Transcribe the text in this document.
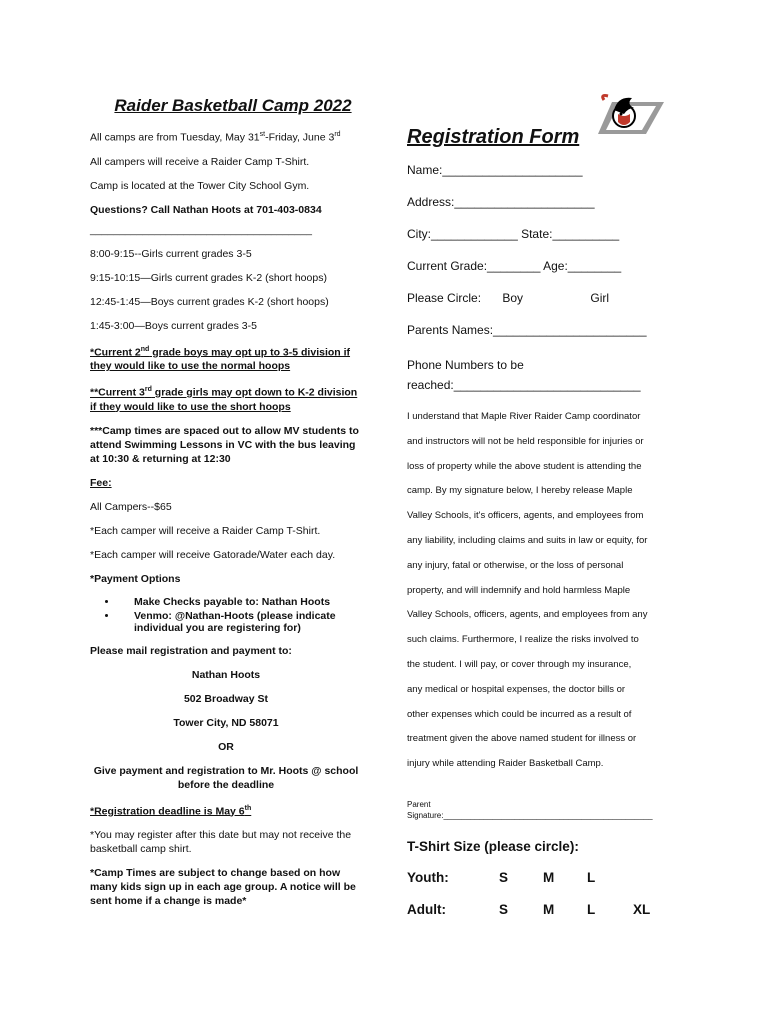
Raider Basketball Camp 2022
All camps are from Tuesday, May 31st-Friday, June 3rd
All campers will receive a Raider Camp T-Shirt.
Camp is located at the Tower City School Gym.
Questions? Call Nathan Hoots at 701-403-0834
______________________________________
8:00-9:15--Girls current grades 3-5
9:15-10:15—Girls current grades K-2 (short hoops)
12:45-1:45—Boys current grades K-2 (short hoops)
1:45-3:00—Boys current grades 3-5
*Current 2nd grade boys may opt up to 3-5 division if they would like to use the normal hoops
**Current 3rd grade girls may opt down to K-2 division if they would like to use the short hoops
***Camp times are spaced out to allow MV students to attend Swimming Lessons in VC with the bus leaving at 10:30 & returning at 12:30
Fee:
All Campers--$65
*Each camper will receive a Raider Camp T-Shirt.
*Each camper will receive Gatorade/Water each day.
*Payment Options
• Make Checks payable to: Nathan Hoots
• Venmo: @Nathan-Hoots (please indicate individual you are registering for)
Please mail registration and payment to:
Nathan Hoots
502 Broadway St
Tower City, ND 58071
OR
Give payment and registration to Mr. Hoots @ school before the deadline
*Registration deadline is May 6th
*You may register after this date but may not receive the basketball camp shirt.
*Camp Times are subject to change based on how many kids sign up in each age group. A notice will be sent home if a change is made*
Registration Form
Name:_____________________
Address:_____________________
City:_____________ State:__________
Current Grade:________ Age:________
Please Circle: Boy	Girl
Parents Names:_______________________
Phone Numbers to be reached:____________________________

I understand that Maple River Raider Camp coordinator

and instructors will not be held responsible for injuries or

loss of property while the above student is attending the

camp. By my signature below, I hereby release Maple

Valley Schools, it's officers, agents, and employees from

any liability, including claims and suits in law or equity, for

any injury, fatal or otherwise, or the loss of personal

property, and will indemnify and hold harmless Maple

Valley Schools, officers, agents, and employees from any

such claims. Furthermore, I realize the risks involved to

the student. I will pay, or cover through my insurance,

any medical or hospital expenses, the doctor bills or

other expenses which could be incurred as a result of

treatment given the above named student for illness or

injury while attending Raider Basketball Camp.

Parent
Signature:_______________________________________________
T-Shirt Size (please circle):
Youth:	S	M L
Adult:	S	M L	XL
